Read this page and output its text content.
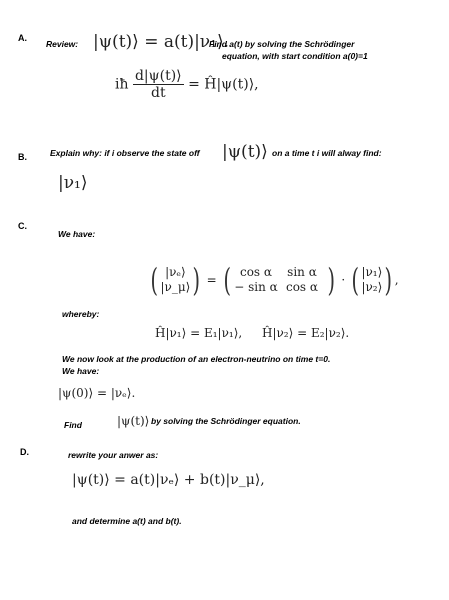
A.
Review: |ψ(t)⟩ = a(t)|ν₁⟩.
Find a(t) by solving the Schrödinger
equation, with start condition a(0)=1
iħ $\frac{d|\psi(t)⟩}{dt}$ = Ĥ|ψ(t)⟩,
B.	Explain why: if i observe the state off |ψ(t)⟩ on a time t i will alway find:
|ν₁⟩
C.
We have:
( |νₑ⟩
|ν_μ⟩ ) = ( cos α sin α
− sin α cos α ) · ( |ν₁⟩
|ν₂⟩ ) ,
whereby:
Ĥ|ν₁⟩ = E₁|ν₁⟩, Ĥ|ν₂⟩ = E₂|ν₂⟩.
We now look at the production of an electron-neutrino on time t=0.
We have:
|ψ(0)⟩ = |νₑ⟩.
Find	|ψ(t)⟩ by solving the Schrödinger equation.
D.	rewrite your anwer as:
|ψ(t)⟩ = a(t)|νₑ⟩ + b(t)|ν_μ⟩,
and determine a(t) and b(t).
